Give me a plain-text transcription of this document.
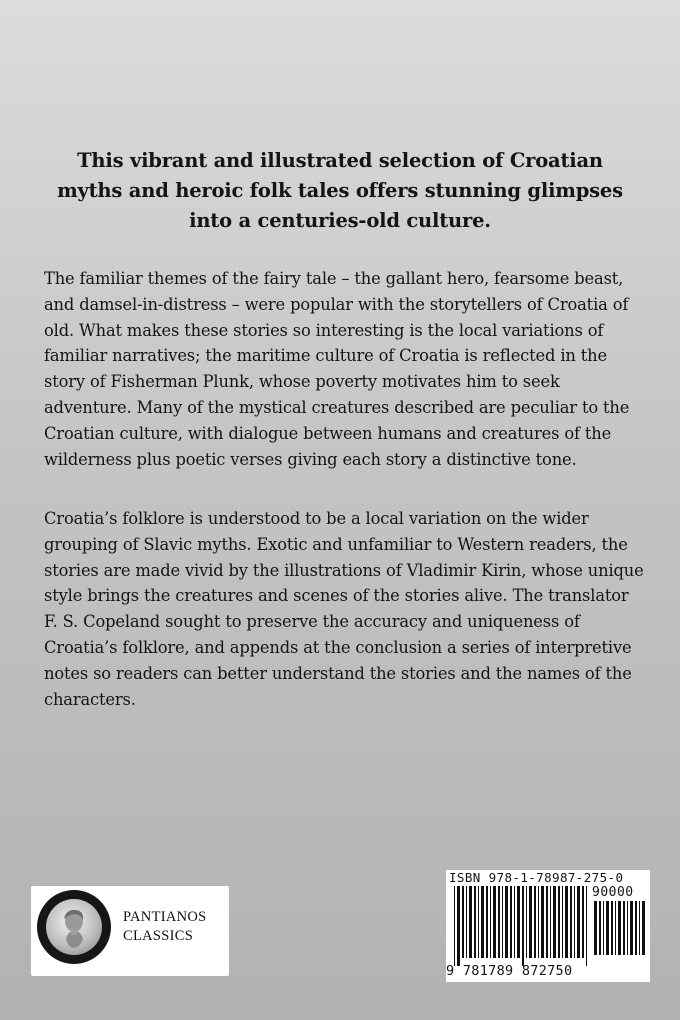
This vibrant and illustrated selection of Croatian myths and heroic folk tales offers stunning glimpses into a centuries-old culture.
The familiar themes of the fairy tale – the gallant hero, fearsome beast, and damsel-in-distress – were popular with the storytellers of Croatia of old. What makes these stories so interesting is the local variations of familiar narratives; the maritime culture of Croatia is reflected in the story of Fisherman Plunk, whose poverty motivates him to seek adventure. Many of the mystical creatures described are peculiar to the Croatian culture, with dialogue between humans and creatures of the wilderness plus poetic verses giving each story a distinctive tone.
Croatia’s folklore is understood to be a local variation on the wider grouping of Slavic myths. Exotic and unfamiliar to Western readers, the stories are made vivid by the illustrations of Vladimir Kirin, whose unique style brings the creatures and scenes of the stories alive. The translator F. S. Copeland sought to preserve the accuracy and uniqueness of Croatia’s folklore, and appends at the conclusion a series of interpretive notes so readers can better understand the stories and the names of the characters.
PANTIANOS
CLASSICS
ISBN 978-1-78987-275-0
90000
9 781789 872750
